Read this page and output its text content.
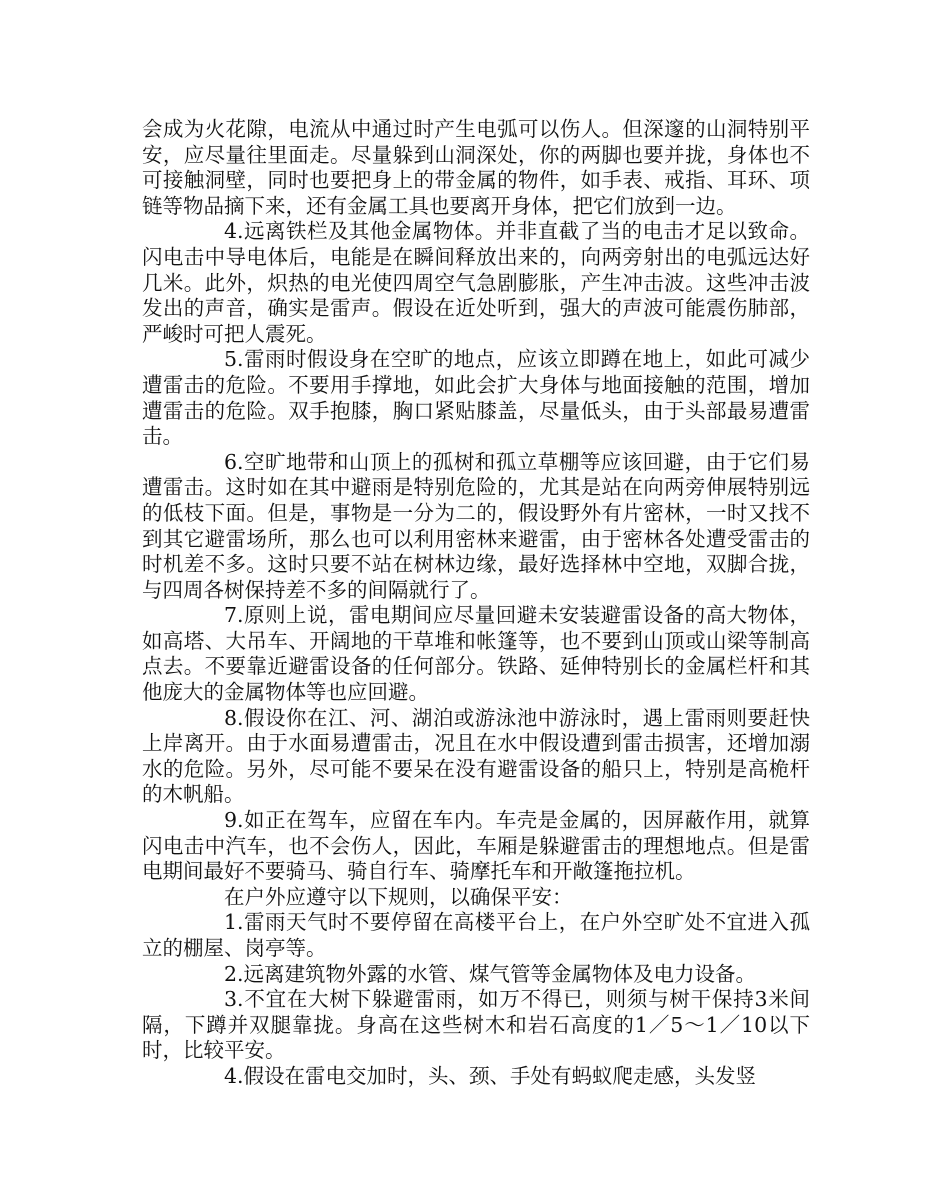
会成为火花隙，电流从中通过时产生电弧可以伤人。但深邃的山洞特别平安，应尽量往里面走。尽量躲到山洞深处，你的两脚也要并拢，身体也不可接触洞壁，同时也要把身上的带金属的物件，如手表、戒指、耳环、项链等物品摘下来，还有金属工具也要离开身体，把它们放到一边。

4.远离铁栏及其他金属物体。并非直截了当的电击才足以致命。闪电击中导电体后，电能是在瞬间释放出来的，向两旁射出的电弧远达好几米。此外，炽热的电光使四周空气急剧膨胀，产生冲击波。这些冲击波发出的声音，确实是雷声。假设在近处听到，强大的声波可能震伤肺部，严峻时可把人震死。

5.雷雨时假设身在空旷的地点，应该立即蹲在地上，如此可减少遭雷击的危险。不要用手撑地，如此会扩大身体与地面接触的范围，增加遭雷击的危险。双手抱膝，胸口紧贴膝盖，尽量低头，由于头部最易遭雷击。

6.空旷地带和山顶上的孤树和孤立草棚等应该回避，由于它们易遭雷击。这时如在其中避雨是特别危险的，尤其是站在向两旁伸展特别远的低枝下面。但是，事物是一分为二的，假设野外有片密林，一时又找不到其它避雷场所，那么也可以利用密林来避雷，由于密林各处遭受雷击的时机差不多。这时只要不站在树林边缘，最好选择林中空地，双脚合拢，与四周各树保持差不多的间隔就行了。

7.原则上说，雷电期间应尽量回避未安装避雷设备的高大物体，如高塔、大吊车、开阔地的干草堆和帐篷等，也不要到山顶或山梁等制高点去。不要靠近避雷设备的任何部分。铁路、延伸特别长的金属栏杆和其他庞大的金属物体等也应回避。

8.假设你在江、河、湖泊或游泳池中游泳时，遇上雷雨则要赶快上岸离开。由于水面易遭雷击，况且在水中假设遭到雷击损害，还增加溺水的危险。另外，尽可能不要呆在没有避雷设备的船只上，特别是高桅杆的木帆船。

9.如正在驾车，应留在车内。车壳是金属的，因屏蔽作用，就算闪电击中汽车，也不会伤人，因此，车厢是躲避雷击的理想地点。但是雷电期间最好不要骑马、骑自行车、骑摩托车和开敞篷拖拉机。

在户外应遵守以下规则，以确保平安：

1.雷雨天气时不要停留在高楼平台上，在户外空旷处不宜进入孤立的棚屋、岗亭等。

2.远离建筑物外露的水管、煤气管等金属物体及电力设备。

3.不宜在大树下躲避雷雨，如万不得已，则须与树干保持3米间隔，下蹲并双腿靠拢。身高在这些树木和岩石高度的1／5～1／10以下时，比较平安。

4.假设在雷电交加时，头、颈、手处有蚂蚁爬走感，头发竖
